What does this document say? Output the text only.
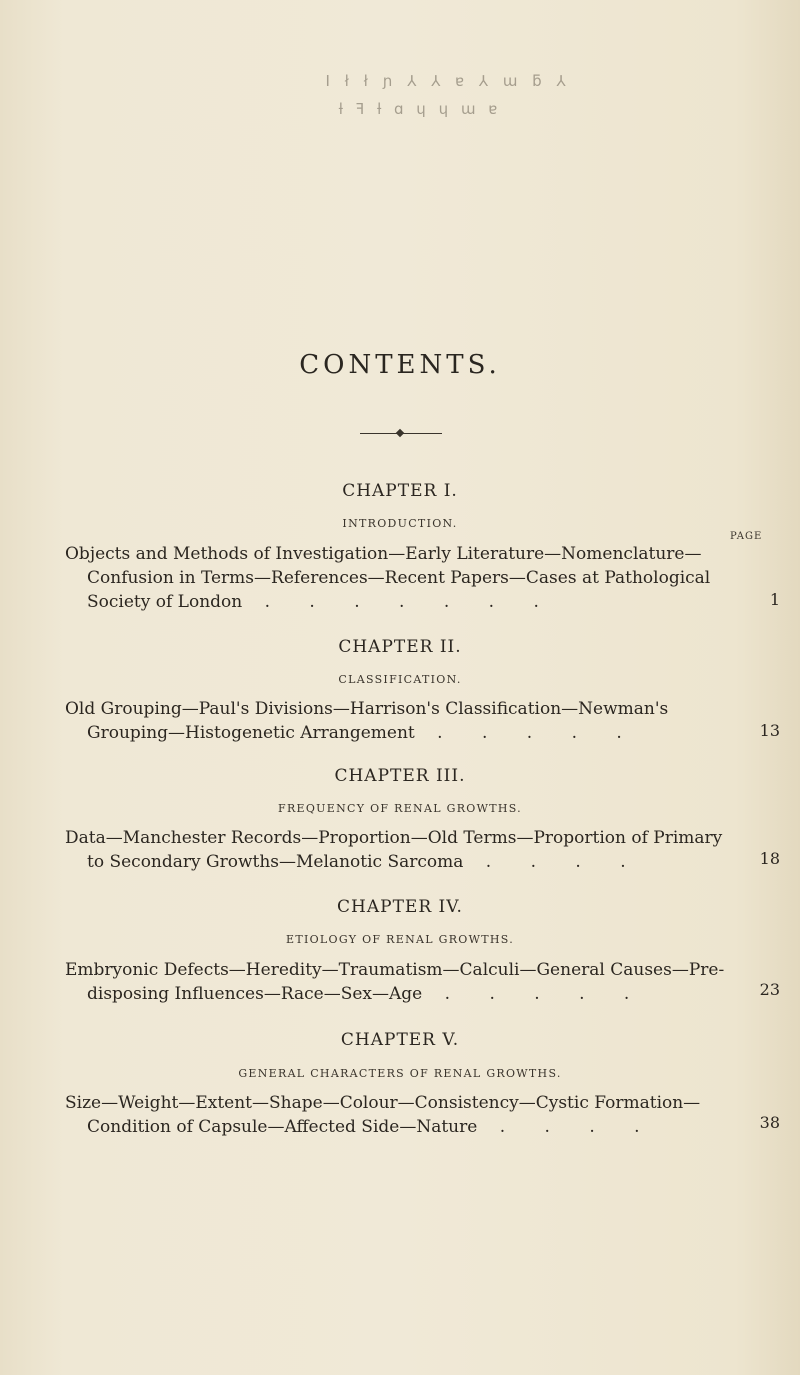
I ł ł ɲ ⅄ ⅄ ɐ ⅄ ɯ ƃ ⅄
ƚ ꟻ ƚ ɑ ɥ ɥ ɯ ɐ
CONTENTS.
PAGE
CHAPTER I.
INTRODUCTION.
Objects and Methods of Investigation—Early Literature—Nomenclature—
Confusion in Terms—References—Recent Papers—Cases at Pathological
Society of London . . . . . . .	1
CHAPTER II.
CLASSIFICATION.
Old Grouping—Paul's Divisions—Harrison's Classification—Newman's
Grouping—Histogenetic Arrangement . . . . .	13
CHAPTER III.
FREQUENCY OF RENAL GROWTHS.
Data—Manchester Records—Proportion—Old Terms—Proportion of Primary
to Secondary Growths—Melanotic Sarcoma . . . .	18
CHAPTER IV.
ETIOLOGY OF RENAL GROWTHS.
Embryonic Defects—Heredity—Traumatism—Calculi—General Causes—Pre-
disposing Influences—Race—Sex—Age . . . . .	23
CHAPTER V.
GENERAL CHARACTERS OF RENAL GROWTHS.
Size—Weight—Extent—Shape—Colour—Consistency—Cystic Formation—
Condition of Capsule—Affected Side—Nature . . . .	38
